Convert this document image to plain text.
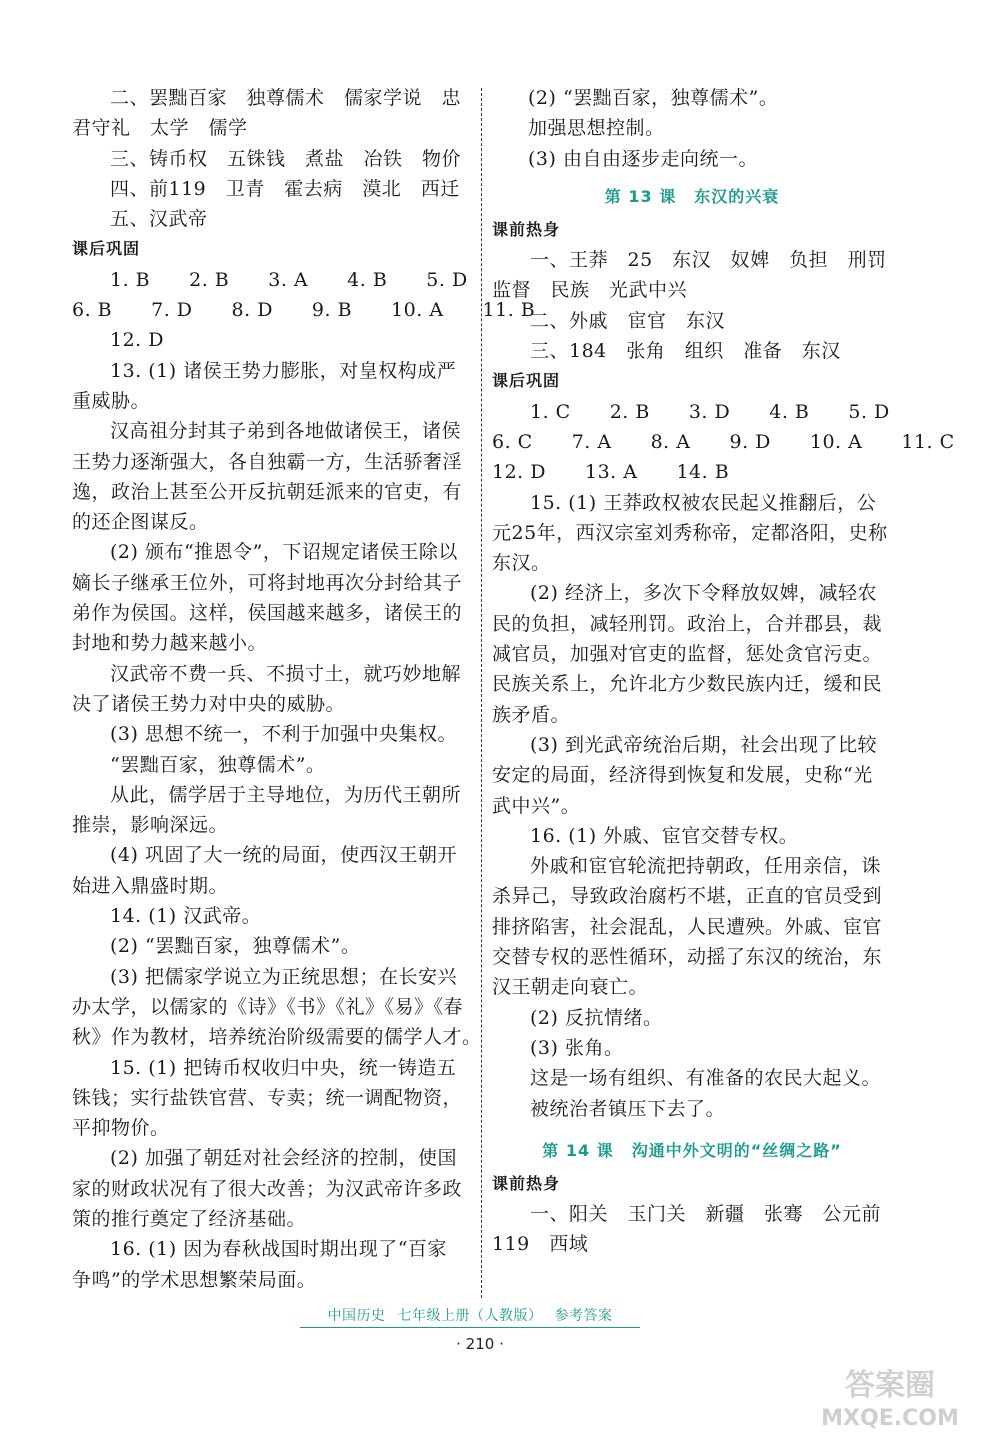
二、罢黜百家　独尊儒术　儒家学说　忠
君守礼　太学　儒学
三、铸币权　五铢钱　煮盐　冶铁　物价
四、前119　卫青　霍去病　漠北　西迁
五、汉武帝
课后巩固
1. B　　2. B　　3. A　　4. B　　5. D
6. B　　7. D　　8. D　　9. B　　10. A　　11. B
12. D
13. (1) 诸侯王势力膨胀，对皇权构成严
重威胁。
汉高祖分封其子弟到各地做诸侯王，诸侯
王势力逐渐强大，各自独霸一方，生活骄奢淫
逸，政治上甚至公开反抗朝廷派来的官吏，有
的还企图谋反。
(2) 颁布“推恩令”，下诏规定诸侯王除以
嫡长子继承王位外，可将封地再次分封给其子
弟作为侯国。这样，侯国越来越多，诸侯王的
封地和势力越来越小。
汉武帝不费一兵、不损寸土，就巧妙地解
决了诸侯王势力对中央的威胁。
(3) 思想不统一，不利于加强中央集权。
“罢黜百家，独尊儒术”。
从此，儒学居于主导地位，为历代王朝所
推崇，影响深远。
(4) 巩固了大一统的局面，使西汉王朝开
始进入鼎盛时期。
14. (1) 汉武帝。
(2) “罢黜百家，独尊儒术”。
(3) 把儒家学说立为正统思想；在长安兴
办太学，以儒家的《诗》《书》《礼》《易》《春
秋》作为教材，培养统治阶级需要的儒学人才。
15. (1) 把铸币权收归中央，统一铸造五
铢钱；实行盐铁官营、专卖；统一调配物资，
平抑物价。
(2) 加强了朝廷对社会经济的控制，使国
家的财政状况有了很大改善；为汉武帝许多政
策的推行奠定了经济基础。
16. (1) 因为春秋战国时期出现了“百家
争鸣”的学术思想繁荣局面。
(2) “罢黜百家，独尊儒术”。
加强思想控制。
(3) 由自由逐步走向统一。
第 13 课 东汉的兴衰
课前热身
一、王莽　25　东汉　奴婢　负担　刑罚
监督　民族　光武中兴
二、外戚　宦官　东汉
三、184　张角　组织　准备　东汉
课后巩固
1. C　　2. B　　3. D　　4. B　　5. D
6. C　　7. A　　8. A　　9. D　　10. A　　11. C
12. D　　13. A　　14. B
15. (1) 王莽政权被农民起义推翻后，公
元25年，西汉宗室刘秀称帝，定都洛阳，史称
东汉。
(2) 经济上，多次下令释放奴婢，减轻农
民的负担，减轻刑罚。政治上，合并郡县，裁
减官员，加强对官吏的监督，惩处贪官污吏。
民族关系上，允许北方少数民族内迁，缓和民
族矛盾。
(3) 到光武帝统治后期，社会出现了比较
安定的局面，经济得到恢复和发展，史称“光
武中兴”。
16. (1) 外戚、宦官交替专权。
外戚和宦官轮流把持朝政，任用亲信，诛
杀异己，导致政治腐朽不堪，正直的官员受到
排挤陷害，社会混乱，人民遭殃。外戚、宦官
交替专权的恶性循环，动摇了东汉的统治，东
汉王朝走向衰亡。
(2) 反抗情绪。
(3) 张角。
这是一场有组织、有准备的农民大起义。
被统治者镇压下去了。
第 14 课 沟通中外文明的“丝绸之路”
课前热身
一、阳关　玉门关　新疆　张骞　公元前
119　西域
中国历史 七年级上册（人教版） 参考答案
· 210 ·
答案圈
MXQE.COM
